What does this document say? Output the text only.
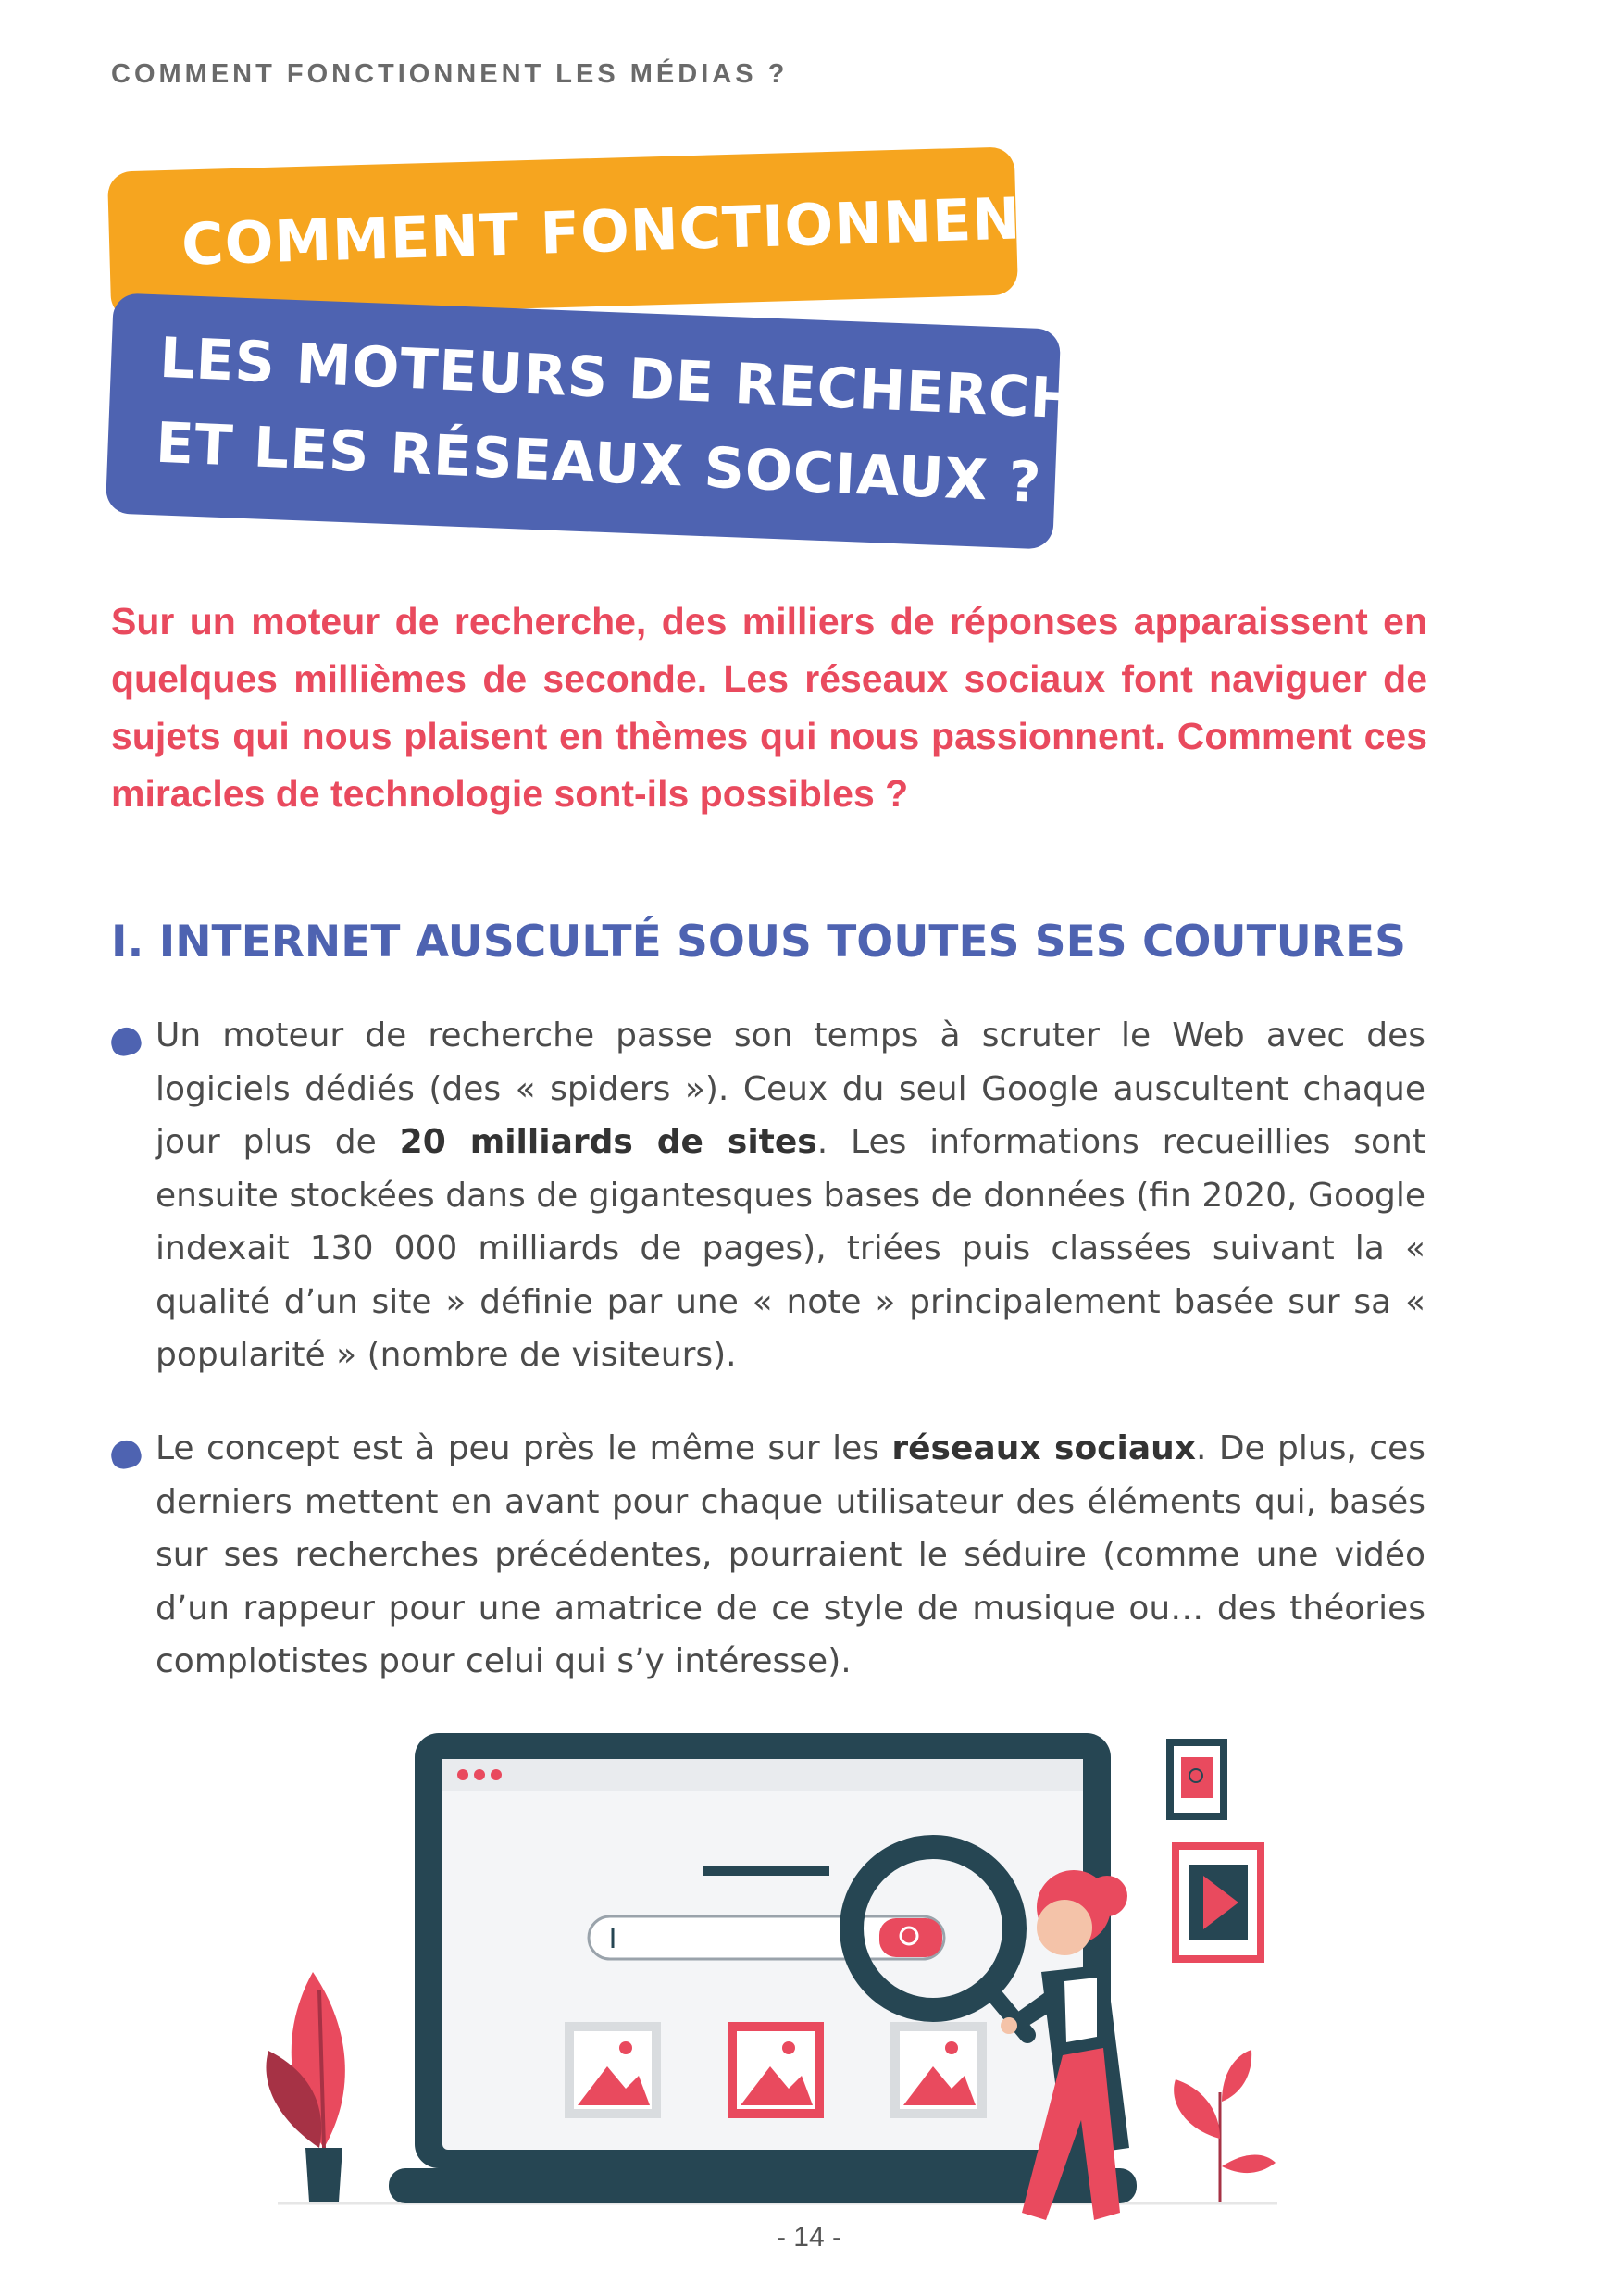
COMMENT FONCTIONNENT LES MÉDIAS ?
COMMENT FONCTIONNENT
LES MOTEURS DE RECHERCHE
ET LES RÉSEAUX SOCIAUX ?
Sur un moteur de recherche, des milliers de réponses apparaissent en quelques millièmes de seconde. Les réseaux sociaux font naviguer de sujets qui nous plaisent en thèmes qui nous passionnent. Comment ces miracles de technologie sont-ils possibles ?
I. INTERNET AUSCULTÉ SOUS TOUTES SES COUTURES
Un moteur de recherche passe son temps à scruter le Web avec des logiciels dédiés (des « spiders »). Ceux du seul Google auscultent chaque jour plus de 20 milliards de sites. Les informations recueillies sont ensuite stockées dans de gigantesques bases de données (fin 2020, Google indexait 130 000 milliards de pages), triées puis classées suivant la « qualité d’un site » définie par une « note » principalement basée sur sa « popularité » (nombre de visiteurs).
Le concept est à peu près le même sur les réseaux sociaux. De plus, ces derniers mettent en avant pour chaque utilisateur des éléments qui, basés sur ses recherches précédentes, pourraient le séduire (comme une vidéo d’un rappeur pour une amatrice de ce style de musique ou… des théories complotistes pour celui qui s’y intéresse).
- 14 -
